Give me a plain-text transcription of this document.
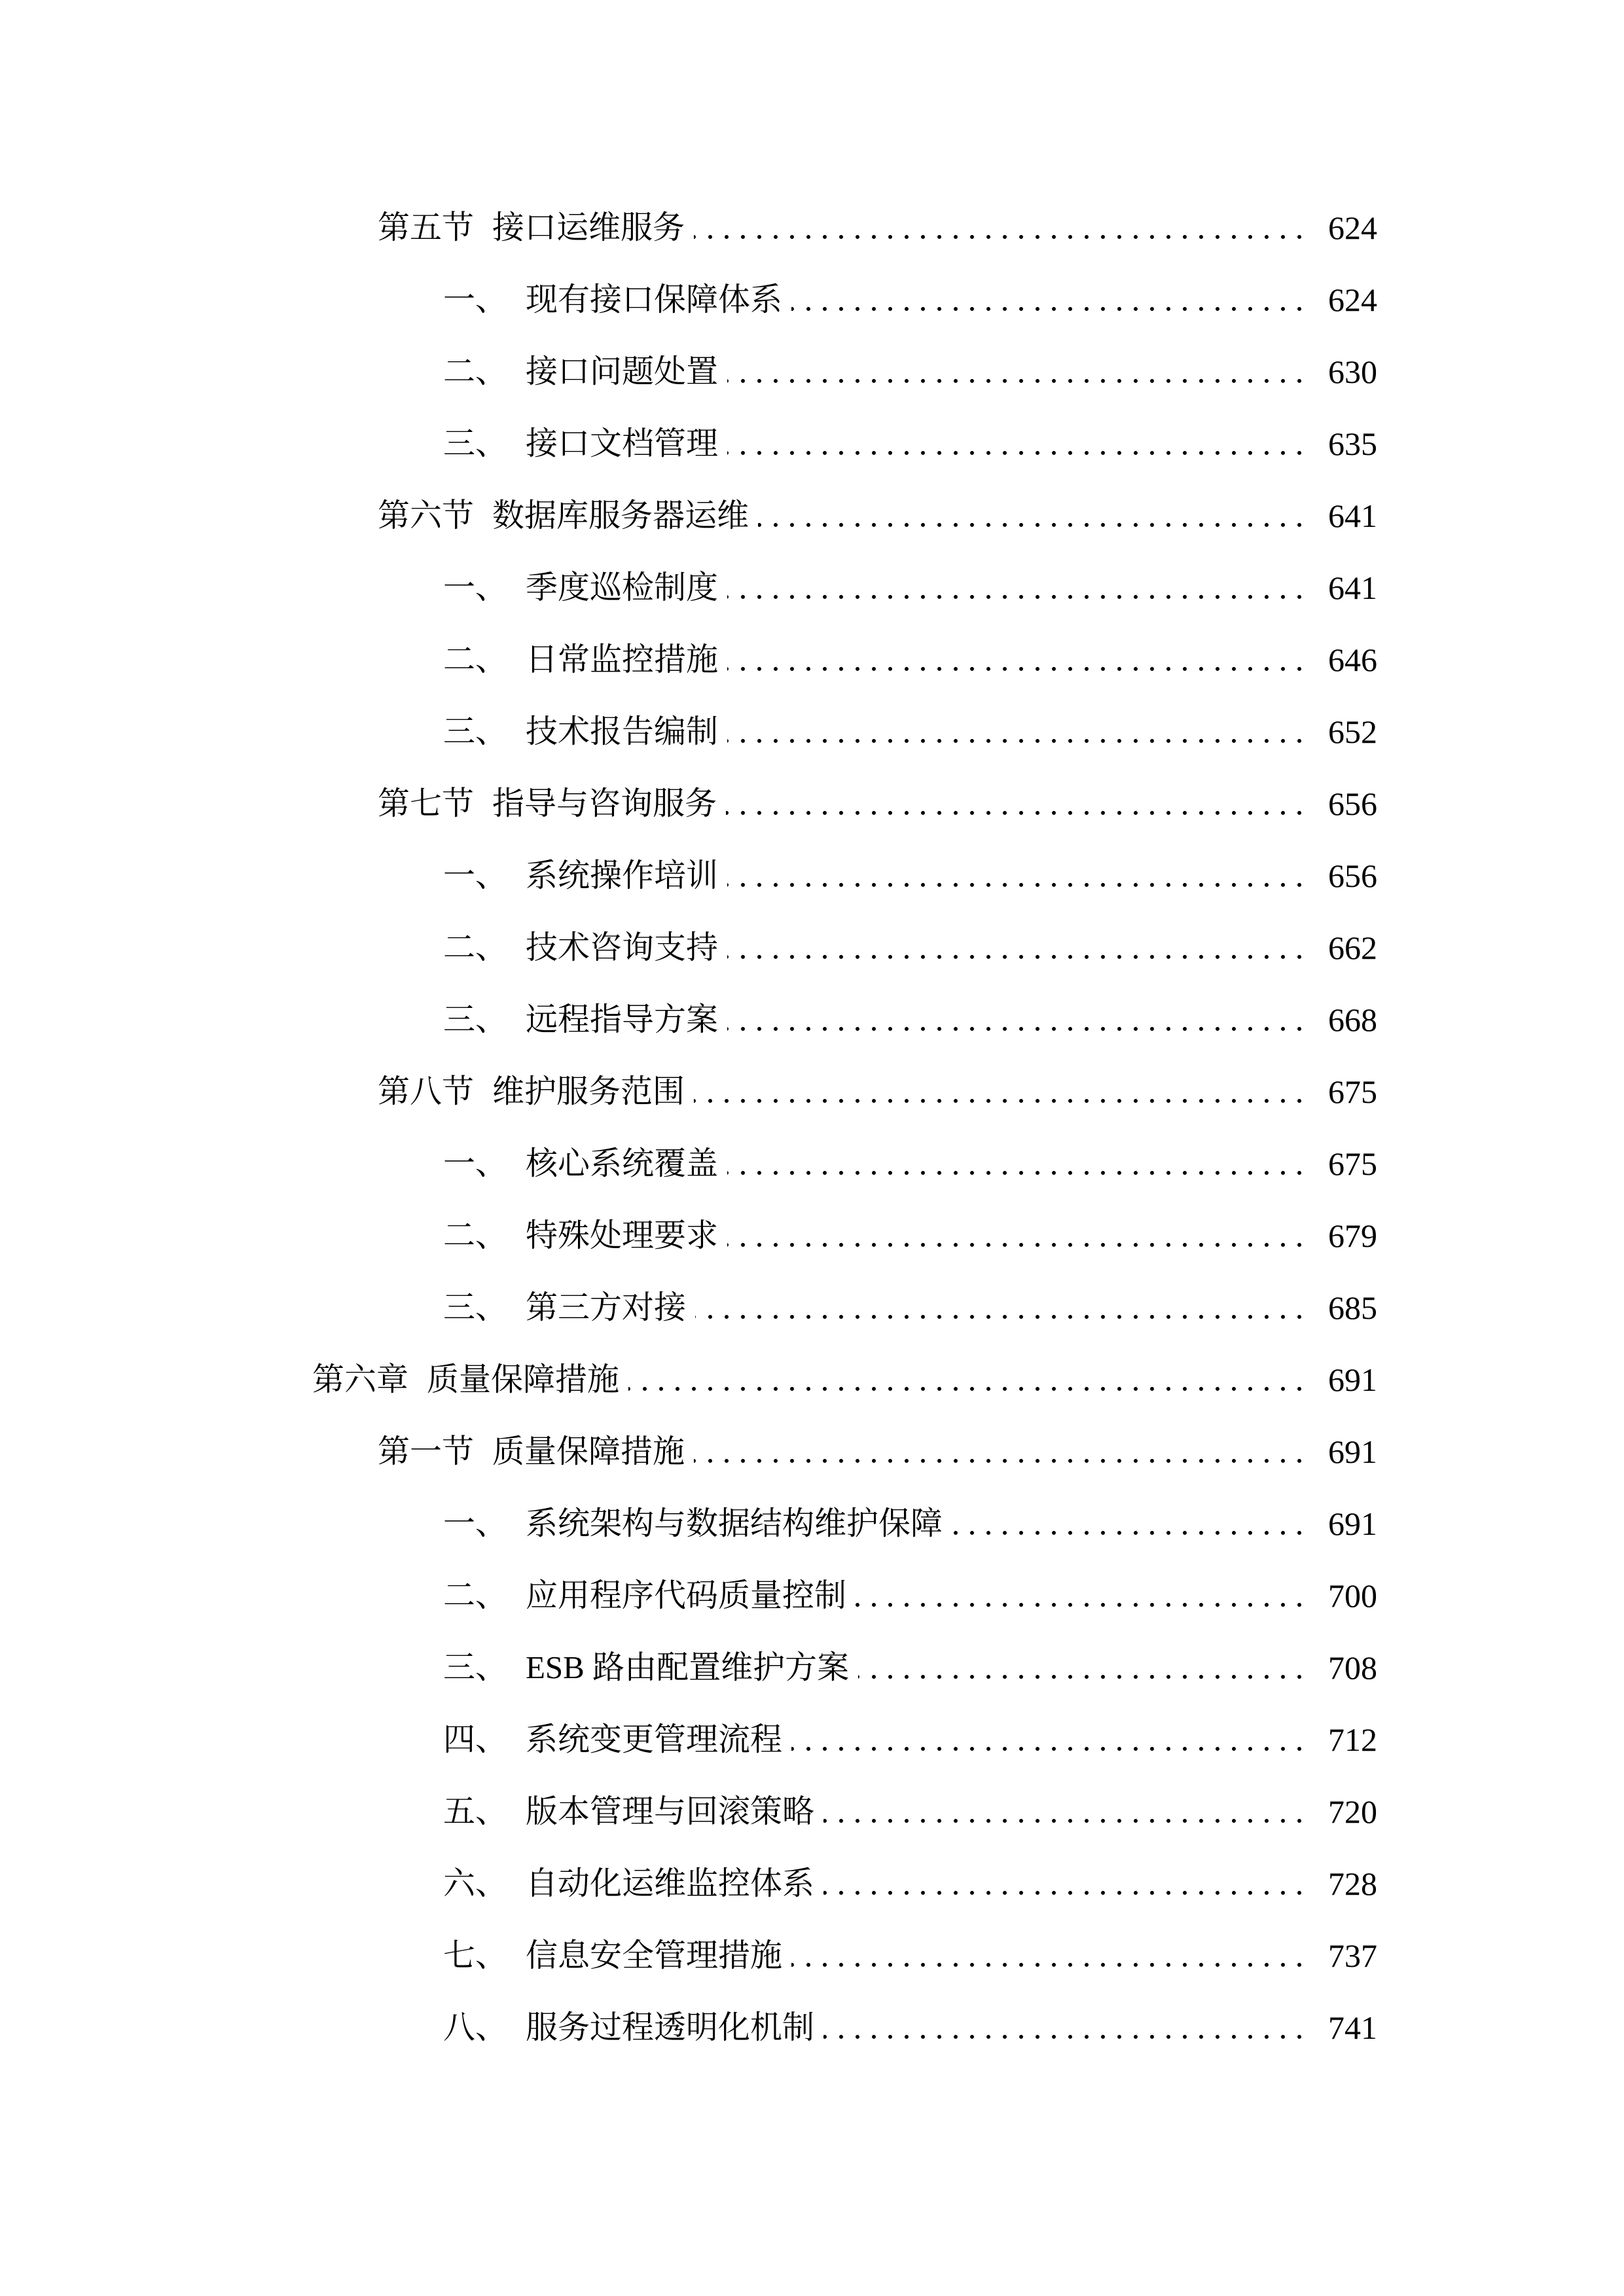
第五节 接口运维服务	624
一、 现有接口保障体系	624
二、 接口问题处置	630
三、 接口文档管理	635
第六节 数据库服务器运维	641
一、 季度巡检制度	641
二、 日常监控措施	646
三、 技术报告编制	652
第七节 指导与咨询服务	656
一、 系统操作培训	656
二、 技术咨询支持	662
三、 远程指导方案	668
第八节 维护服务范围	675
一、 核心系统覆盖	675
二、 特殊处理要求	679
三、 第三方对接	685
第六章 质量保障措施	691
第一节 质量保障措施	691
一、 系统架构与数据结构维护保障	691
二、 应用程序代码质量控制	700
三、 ESB 路由配置维护方案	708
四、 系统变更管理流程	712
五、 版本管理与回滚策略	720
六、 自动化运维监控体系	728
七、 信息安全管理措施	737
八、 服务过程透明化机制	741
